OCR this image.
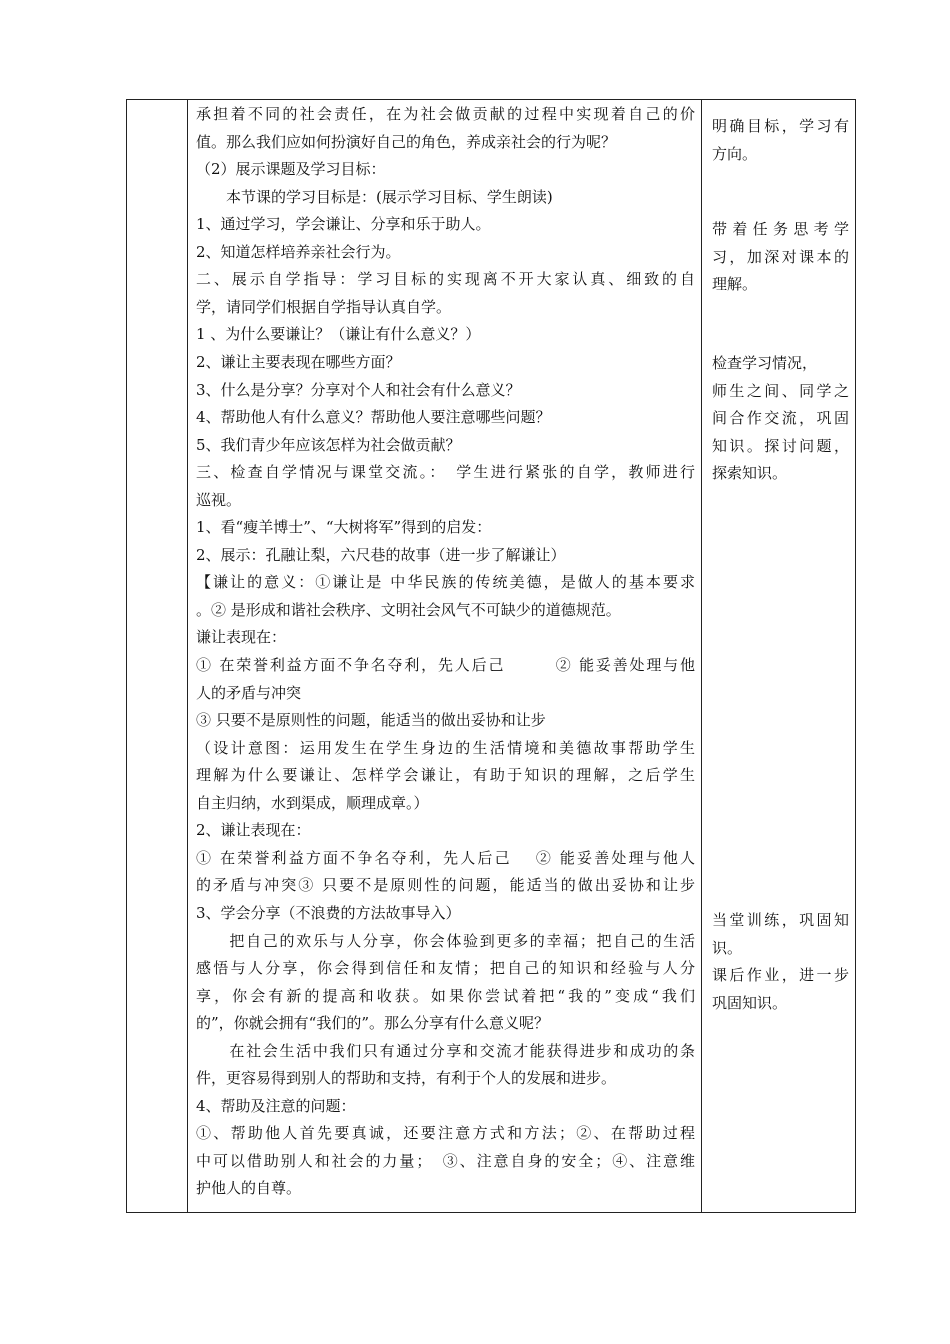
承担着不同的社会责任，在为社会做贡献的过程中实现着自己的价
值。那么我们应如何扮演好自己的角色，养成亲社会的行为呢？
（2）展示课题及学习目标：
　　本节课的学习目标是：(展示学习目标、学生朗读)
1、通过学习，学会谦让、分享和乐于助人。
2、知道怎样培养亲社会行为。
二、展示自学指导：学习目标的实现离不开大家认真、细致的自
学，请同学们根据自学指导认真自学。
1 、为什么要谦让？（谦让有什么意义？）
2、谦让主要表现在哪些方面？
3、什么是分享？分享对个人和社会有什么意义？
4、帮助他人有什么意义？帮助他人要注意哪些问题？
5、我们青少年应该怎样为社会做贡献？
三、检查自学情况与课堂交流。：　学生进行紧张的自学，教师进行
巡视。
1、看“瘦羊博士”、“大树将军”得到的启发：
2、展示：孔融让梨，六尺巷的故事（进一步了解谦让）
【谦让的意义：①谦让是 中华民族的传统美德，是做人的基本要求
。② 是形成和谐社会秩序、文明社会风气不可缺少的道德规范。
谦让表现在：
① 在荣誉利益方面不争名夺利，先人后己　　　② 能妥善处理与他
人的矛盾与冲突
③ 只要不是原则性的问题，能适当的做出妥协和让步
（设计意图：运用发生在学生身边的生活情境和美德故事帮助学生
理解为什么要谦让、怎样学会谦让，有助于知识的理解，之后学生
自主归纳，水到渠成，顺理成章。）
2、谦让表现在：
① 在荣誉利益方面不争名夺利，先人后己　 ② 能妥善处理与他人
的矛盾与冲突③ 只要不是原则性的问题，能适当的做出妥协和让步
3、学会分享（不浪费的方法故事导入）
　　把自己的欢乐与人分享，你会体验到更多的幸福；把自己的生活
感悟与人分享，你会得到信任和友情；把自己的知识和经验与人分
享，你会有新的提高和收获。如果你尝试着把“我的”变成“我们
的”，你就会拥有“我们的”。那么分享有什么意义呢？
　　在社会生活中我们只有通过分享和交流才能获得进步和成功的条
件，更容易得到别人的帮助和支持，有利于个人的发展和进步。
4、帮助及注意的问题：
①、帮助他人首先要真诚，还要注意方式和方法；②、在帮助过程
中可以借助别人和社会的力量；　③、注意自身的安全；④、注意维
护他人的自尊。
明确目标，学习有
方向。
带着任务思考学
习，加深对课本的
理解。
检查学习情况，
师生之间、同学之
间合作交流，巩固
知识。探讨问题，
探索知识。
当堂训练，巩固知
识。
课后作业，进一步
巩固知识。
